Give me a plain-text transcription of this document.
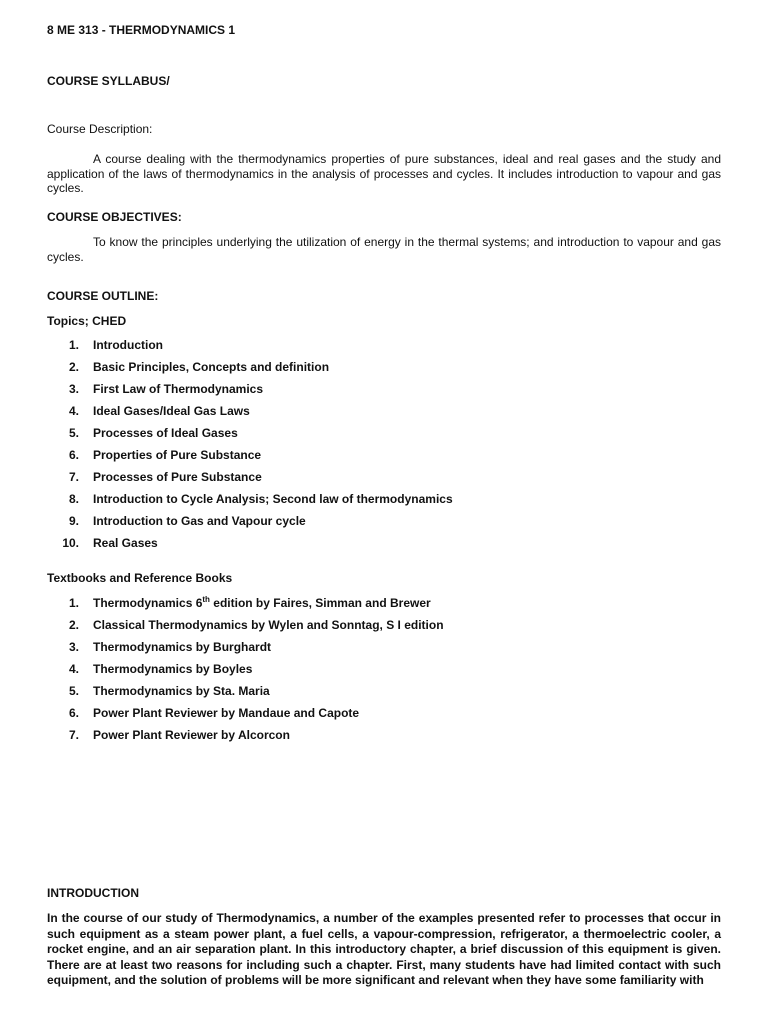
8 ME 313 - THERMODYNAMICS 1
COURSE SYLLABUS/
Course Description:
A course dealing with the thermodynamics properties of pure substances, ideal and real gases and the study and application of the laws of thermodynamics in the analysis of processes and cycles. It includes introduction to vapour and gas cycles.
COURSE OBJECTIVES:
To know the principles underlying the utilization of energy in the thermal systems; and introduction to vapour and gas cycles.
COURSE OUTLINE:
Topics; CHED
1. Introduction
2. Basic Principles, Concepts and definition
3. First Law of Thermodynamics
4. Ideal Gases/Ideal Gas Laws
5. Processes of Ideal Gases
6. Properties of Pure Substance
7. Processes of Pure Substance
8. Introduction to Cycle Analysis; Second law of thermodynamics
9. Introduction to Gas and Vapour cycle
10. Real Gases
Textbooks and Reference Books
1. Thermodynamics 6th edition by Faires, Simman and Brewer
2. Classical Thermodynamics by Wylen and Sonntag, S I edition
3. Thermodynamics by Burghardt
4. Thermodynamics by Boyles
5. Thermodynamics by Sta. Maria
6. Power Plant Reviewer by Mandaue and Capote
7. Power Plant Reviewer by Alcorcon
INTRODUCTION
In the course of our study of Thermodynamics, a number of the examples presented refer to processes that occur in such equipment as a steam power plant, a fuel cells, a vapour-compression, refrigerator, a thermoelectric cooler, a rocket engine, and an air separation plant. In this introductory chapter, a brief discussion of this equipment is given. There are at least two reasons for including such a chapter. First, many students have had limited contact with such equipment, and the solution of problems will be more significant and relevant when they have some familiarity with
